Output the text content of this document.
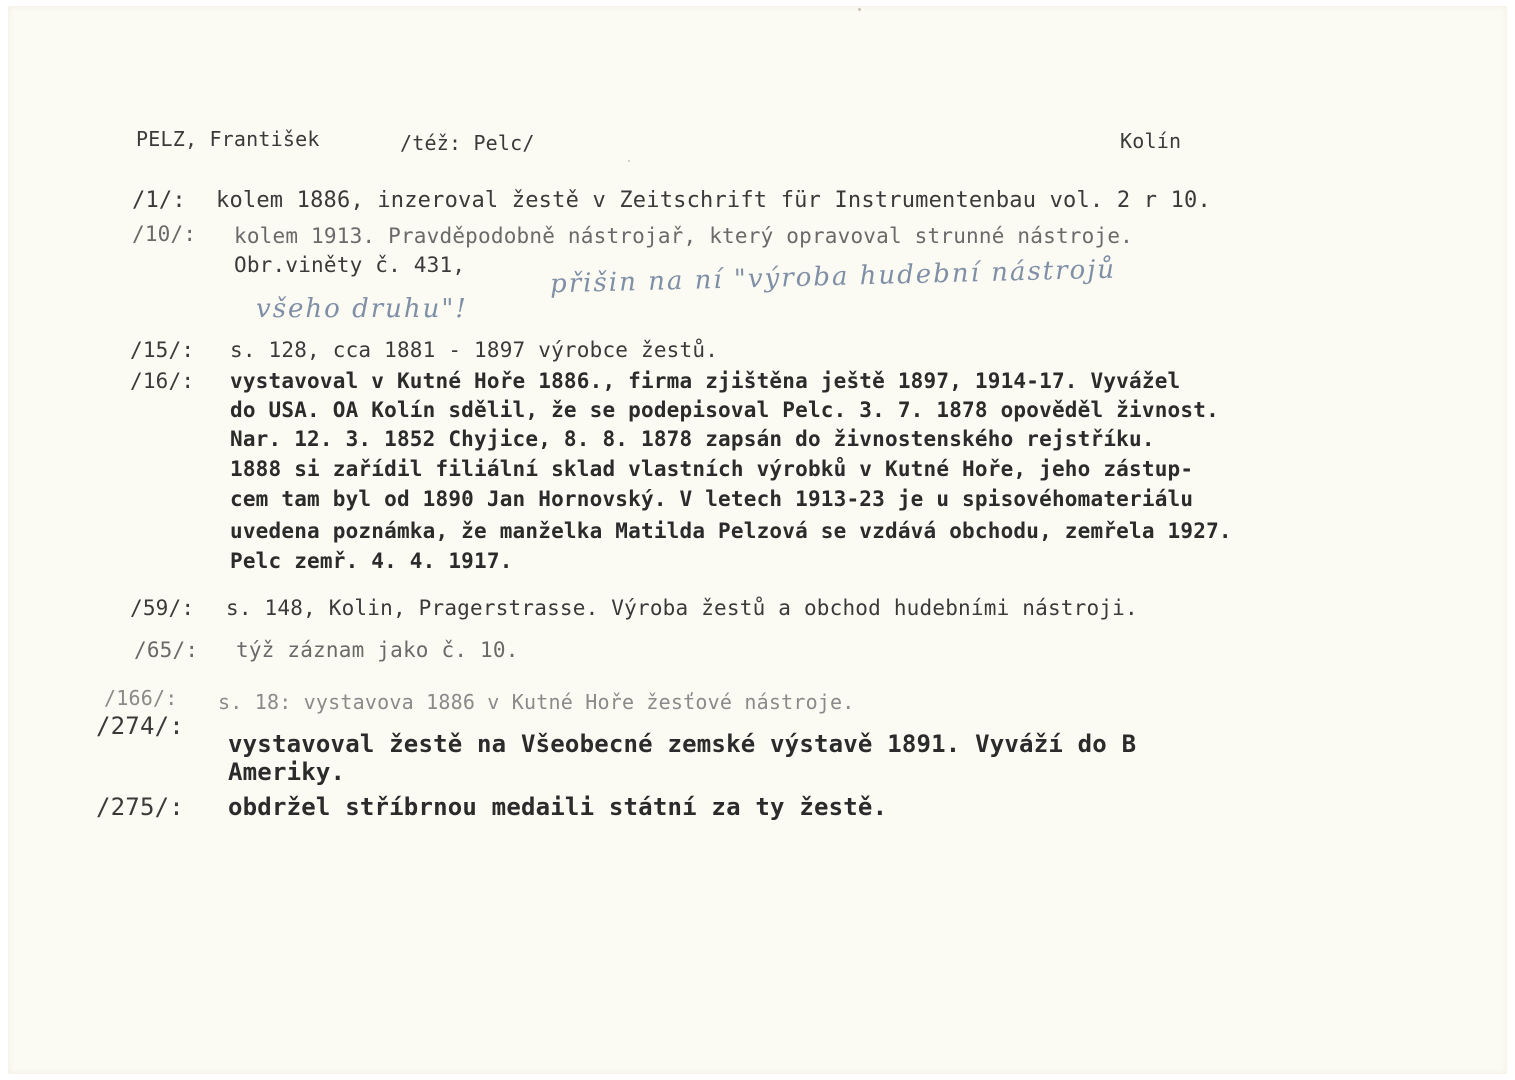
PELZ, František	/též: Pelc/	Kolín
/1/: kolem 1886, inzeroval žestě v Zeitschrift für Instrumentenbau vol. 2 r 10.
/10/: kolem 1913. Pravděpodobně nástrojař, který opravoval strunné nástroje.
Obr.viněty č. 431,	přišin na ní "výroba hudební nástrojů
všeho druhu"!
/15/: s. 128, cca 1881 - 1897 výrobce žestů.
/16/: vystavoval v Kutné Hoře 1886., firma zjištěna ještě 1897, 1914-17. Vyvážel
do USA. OA Kolín sdělil, že se podepisoval Pelc. 3. 7. 1878 opověděl živnost.
Nar. 12. 3. 1852 Chyjice, 8. 8. 1878 zapsán do živnostenského rejstříku.
1888 si zařídil filiální sklad vlastních výrobků v Kutné Hoře, jeho zástup-
cem tam byl od 1890 Jan Hornovský. V letech 1913-23 je u spisovéhomateriálu
uvedena poznámka, že manželka Matilda Pelzová se vzdává obchodu, zemřela 1927.
Pelc zemř. 4. 4. 1917.
/59/: s. 148, Kolin, Pragerstrasse. Výroba žestů a obchod hudebními nástroji.
/65/: týž záznam jako č. 10.
/166/: s. 18: vystavova 1886 v Kutné Hoře žesťové nástroje.
/274/:
vystavoval žestě na Všeobecné zemské výstavě 1891. Vyváží do B
Ameriky.
/275/: obdržel stříbrnou medaili státní za ty žestě.
